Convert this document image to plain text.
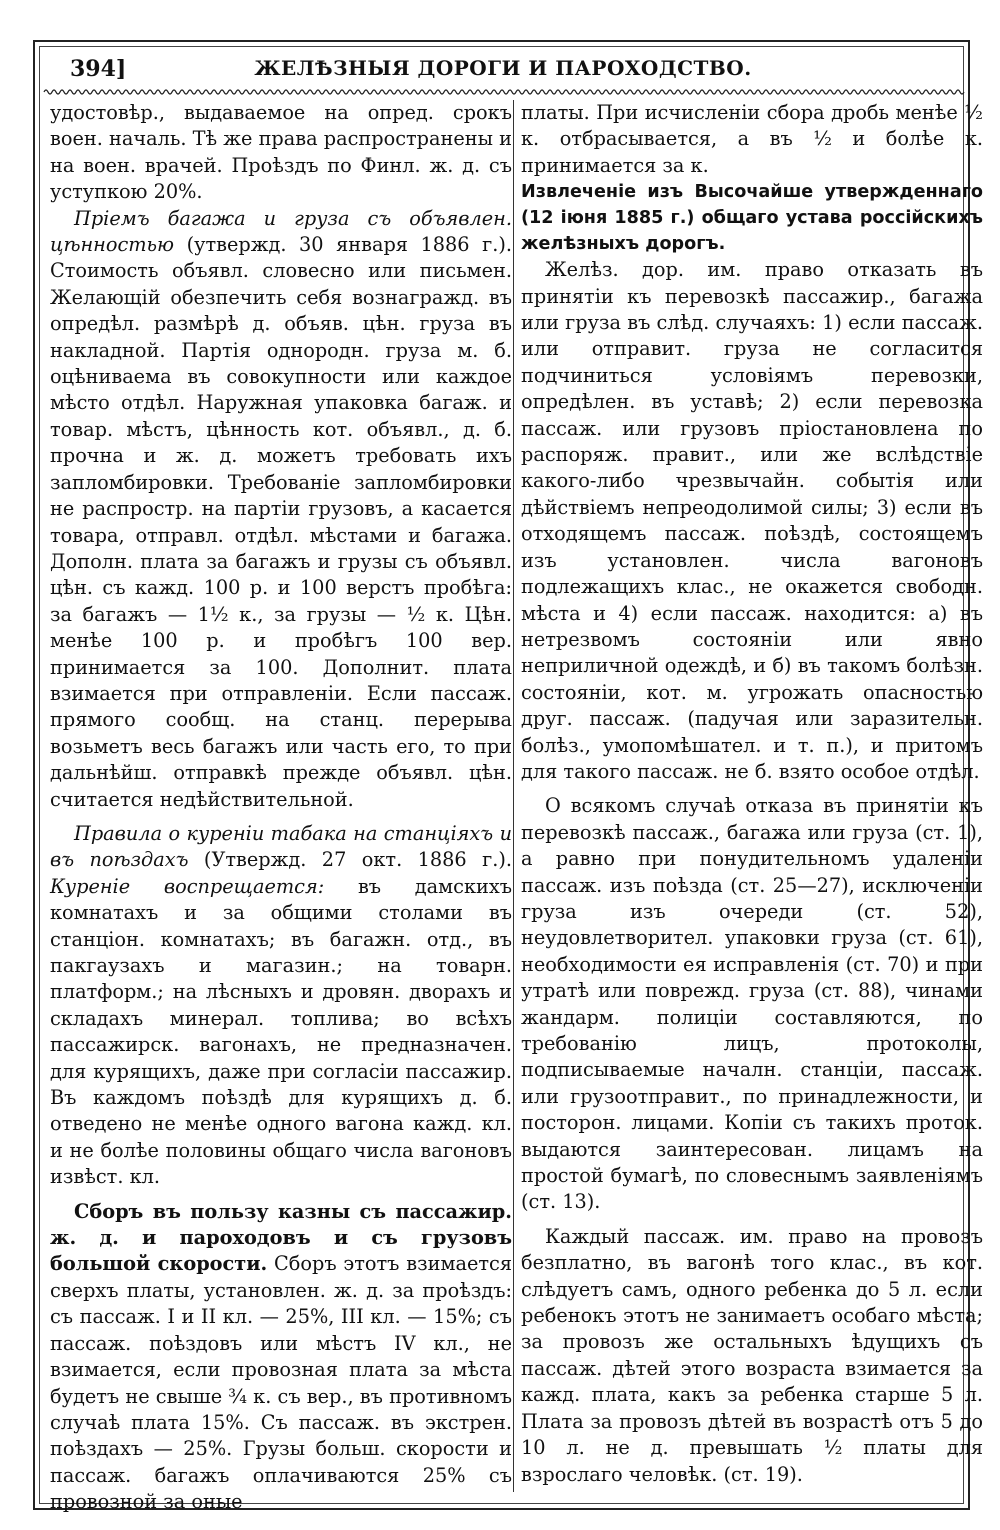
394]	ЖЕЛѢЗНЫЯ ДОРОГИ И ПАРОХОДСТВО.

удостовѣр., выдаваемое на опред. срокъ воен. началь. Тѣ же права распространены и на воен. врачей. Проѣздъ по Финл. ж. д. съ уступкою 20%.

Пріемъ багажа и груза съ объявлен. цѣнностью (утвержд. 30 января 1886 г.). Стоимость объявл. словесно или письмен. Желающій обезпечить себя вознагражд. въ опредѣл. размѣрѣ д. объяв. цѣн. груза въ накладной. Партія однородн. груза м. б. оцѣниваема въ совокупности или каждое мѣсто отдѣл. Наружная упаковка багаж. и товар. мѣстъ, цѣнность кот. объявл., д. б. прочна и ж. д. можетъ требовать ихъ запломбировки. Требованіе запломбировки не распростр. на партіи грузовъ, а касается товара, отправл. отдѣл. мѣстами и багажа. Дополн. плата за багажъ и грузы съ объявл. цѣн. съ кажд. 100 р. и 100 верстъ пробѣга: за багажъ — 1½ к., за грузы — ½ к. Цѣн. менѣе 100 р. и пробѣгъ 100 вер. принимается за 100. Дополнит. плата взимается при отправленіи. Если пассаж. прямого сообщ. на станц. перерыва возьметъ весь багажъ или часть его, то при дальнѣйш. отправкѣ прежде объявл. цѣн. считается недѣйствительной.

Правила о куреніи табака на станціяхъ и въ поѣздахъ (Утвержд. 27 окт. 1886 г.). Куреніе воспрещается: въ дамскихъ комнатахъ и за общими столами въ станціон. комнатахъ; въ багажн. отд., въ пакгаузахъ и магазин.; на товарн. платформ.; на лѣсныхъ и дровян. дворахъ и складахъ минерал. топлива; во всѣхъ пассажирск. вагонахъ, не предназначен. для курящихъ, даже при согласіи пассажир. Въ каждомъ поѣздѣ для курящихъ д. б. отведено не менѣе одного вагона кажд. кл. и не болѣе половины общаго числа вагоновъ извѣст. кл.

Сборъ въ пользу казны съ пассажир. ж. д. и пароходовъ и съ грузовъ большой скорости. Сборъ этотъ взимается сверхъ платы, установлен. ж. д. за проѣздъ: съ пассаж. I и II кл. — 25%, III кл. — 15%; съ пассаж. поѣздовъ или мѣстъ IV кл., не взимается, если провозная плата за мѣста будетъ не свыше ¾ к. съ вер., въ противномъ случаѣ плата 15%. Съ пассаж. въ экстрен. поѣздахъ — 25%. Грузы больш. скорости и пассаж. багажъ оплачиваются 25% съ провозной за оные

платы. При исчисленіи сбора дробь менѣе ½ к. отбрасывается, а въ ½ и болѣе к. принимается за к.

Извлеченіе изъ Высочайше утвержденнаго (12 іюня 1885 г.) общаго устава россійскихъ желѣзныхъ дорогъ.

Желѣз. дор. им. право отказать въ принятіи къ перевозкѣ пассажир., багажа или груза въ слѣд. случаяхъ: 1) если пассаж. или отправит. груза не согласится подчиниться условіямъ перевозки, опредѣлен. въ уставѣ; 2) если перевозка пассаж. или грузовъ пріостановлена по распоряж. правит., или же вслѣдствіе какого-либо чрезвычайн. событія или дѣйствіемъ непреодолимой силы; 3) если въ отходящемъ пассаж. поѣздѣ, состоящемъ изъ установлен. числа вагоновъ подлежащихъ клас., не окажется свободн. мѣста и 4) если пассаж. находится: а) въ нетрезвомъ состояніи или явно неприличной одеждѣ, и б) въ такомъ болѣзн. состояніи, кот. м. угрожать опасностью друг. пассаж. (падучая или заразительн. болѣз., умопомѣшател. и т. п.), и притомъ для такого пассаж. не б. взято особое отдѣл.

О всякомъ случаѣ отказа въ принятіи къ перевозкѣ пассаж., багажа или груза (ст. 1), а равно при понудительномъ удаленіи пассаж. изъ поѣзда (ст. 25—27), исключеніи груза изъ очереди (ст. 52), неудовлетворител. упаковки груза (ст. 61), необходимости ея исправленія (ст. 70) и при утратѣ или поврежд. груза (ст. 88), чинами жандарм. полиціи составляются, по требованію лицъ, протоколы, подписываемые началн. станціи, пассаж. или грузоотправит., по принадлежности, и посторон. лицами. Копіи съ такихъ проток. выдаются заинтересован. лицамъ на простой бумагѣ, по словеснымъ заявленіямъ (ст. 13).

Каждый пассаж. им. право на провозъ безплатно, въ вагонѣ того клас., въ кот. слѣдуетъ самъ, одного ребенка до 5 л. если ребенокъ этотъ не занимаетъ особаго мѣста; за провозъ же остальныхъ ѣдущихъ съ пассаж. дѣтей этого возраста взимается за кажд. плата, какъ за ребенка старше 5 л. Плата за провозъ дѣтей въ возрастѣ отъ 5 до 10 л. не д. превышать ½ платы для взрослаго человѣк. (ст. 19).
